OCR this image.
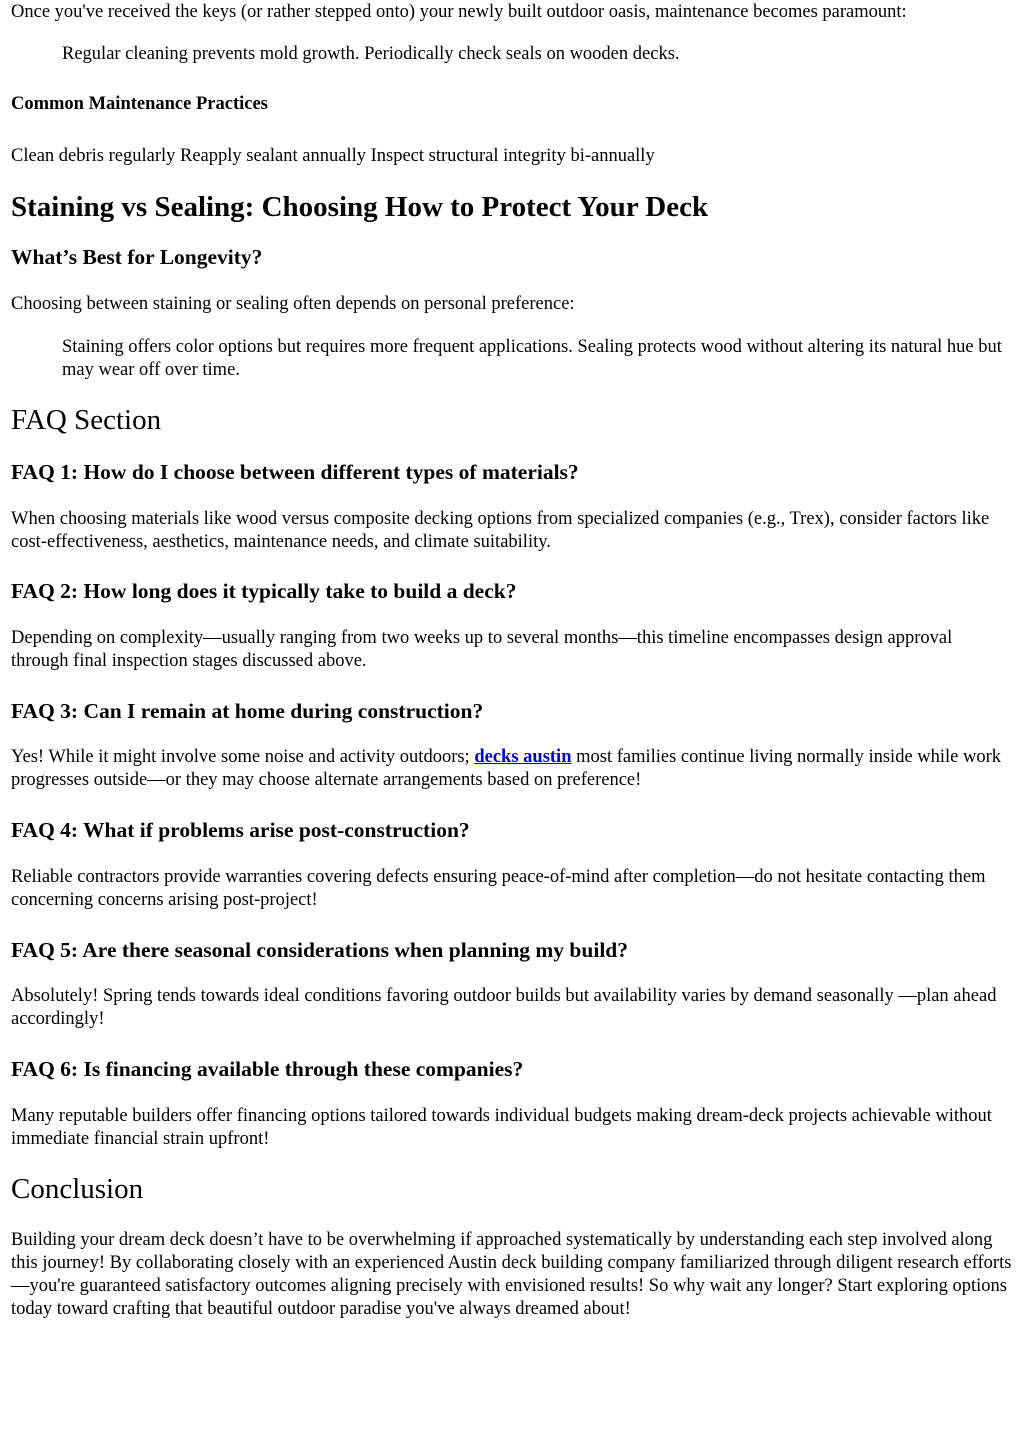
Once you've received the keys (or rather stepped onto) your newly built outdoor oasis, maintenance becomes paramount:

Regular cleaning prevents mold growth. Periodically check seals on wooden decks.

Common Maintenance Practices

Clean debris regularly Reapply sealant annually Inspect structural integrity bi-annually

Staining vs Sealing: Choosing How to Protect Your Deck
What’s Best for Longevity?

Choosing between staining or sealing often depends on personal preference:

Staining offers color options but requires more frequent applications. Sealing protects wood without altering its natural hue but may wear off over time.

FAQ Section
FAQ 1: How do I choose between different types of materials?

When choosing materials like wood versus composite decking options from specialized companies (e.g., Trex), consider factors like cost-effectiveness, aesthetics, maintenance needs, and climate suitability.

FAQ 2: How long does it typically take to build a deck?

Depending on complexity—usually ranging from two weeks up to several months—this timeline encompasses design approval through final inspection stages discussed above.

FAQ 3: Can I remain at home during construction?

Yes! While it might involve some noise and activity outdoors; decks austin most families continue living normally inside while work progresses outside—or they may choose alternate arrangements based on preference!

FAQ 4: What if problems arise post-construction?

Reliable contractors provide warranties covering defects ensuring peace-of-mind after completion—do not hesitate contacting them concerning concerns arising post-project!

FAQ 5: Are there seasonal considerations when planning my build?

Absolutely! Spring tends towards ideal conditions favoring outdoor builds but availability varies by demand seasonally —plan ahead accordingly!

FAQ 6: Is financing available through these companies?

Many reputable builders offer financing options tailored towards individual budgets making dream-deck projects achievable without immediate financial strain upfront!

Conclusion

Building your dream deck doesn’t have to be overwhelming if approached systematically by understanding each step involved along this journey! By collaborating closely with an experienced Austin deck building company familiarized through diligent research efforts—you're guaranteed satisfactory outcomes aligning precisely with envisioned results! So why wait any longer? Start exploring options today toward crafting that beautiful outdoor paradise you've always dreamed about!
